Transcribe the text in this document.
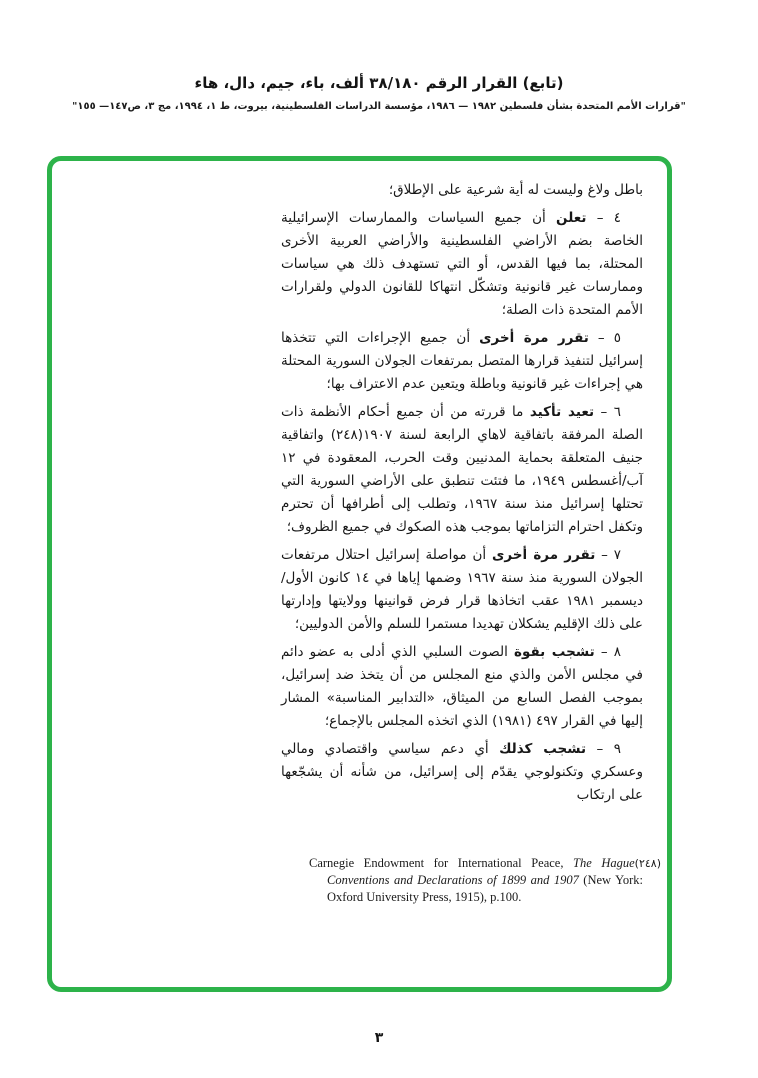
(تابع) القرار الرقم ٣٨/١٨٠ ألف، باء، جيم، دال، هاء
"قرارات الأمم المتحدة بشأن فلسطين ١٩٨٢ — ١٩٨٦، مؤسسة الدراسات الفلسطينية، بيروت، ط ١، ١٩٩٤، مج ٣، ص١٤٧— ١٥٥"

باطل ولاغ وليست له أية شرعية على الإطلاق؛

٤ – تعلن أن جميع السياسات والممارسات الإسرائيلية الخاصة بضم الأراضي الفلسطينية والأراضي العربية الأخرى المحتلة، بما فيها القدس، أو التي تستهدف ذلك هي سياسات وممارسات غير قانونية وتشكّل انتهاكا للقانون الدولي ولقرارات الأمم المتحدة ذات الصلة؛

٥ – تقرر مرة أخرى أن جميع الإجراءات التي تتخذها إسرائيل لتنفيذ قرارها المتصل بمرتفعات الجولان السورية المحتلة هي إجراءات غير قانونية وباطلة ويتعين عدم الاعتراف بها؛

٦ – تعيد تأكيد ما قررته من أن جميع أحكام الأنظمة ذات الصلة المرفقة باتفاقية لاهاي الرابعة لسنة ١٩٠٧(٢٤٨) واتفاقية جنيف المتعلقة بحماية المدنيين وقت الحرب، المعقودة في ١٢ آب/أغسطس ١٩٤٩، ما فتئت تنطبق على الأراضي السورية التي تحتلها إسرائيل منذ سنة ١٩٦٧، وتطلب إلى أطرافها أن تحترم وتكفل احترام التزاماتها بموجب هذه الصكوك في جميع الظروف؛

٧ – تقرر مرة أخرى أن مواصلة إسرائيل احتلال مرتفعات الجولان السورية منذ سنة ١٩٦٧ وضمها إياها في ١٤ كانون الأول/ديسمبر ١٩٨١ عقب اتخاذها قرار فرض قوانينها وولايتها وإدارتها على ذلك الإقليم يشكلان تهديدا مستمرا للسلم والأمن الدوليين؛

٨ – تشجب بقوة الصوت السلبي الذي أدلى به عضو دائم في مجلس الأمن والذي منع المجلس من أن يتخذ ضد إسرائيل، بموجب الفصل السابع من الميثاق، «التدابير المناسبة» المشار إليها في القرار ٤٩٧ (١٩٨١) الذي اتخذه المجلس بالإجماع؛

٩ – تشجب كذلك أي دعم سياسي واقتصادي ومالي وعسكري وتكنولوجي يقدّم إلى إسرائيل، من شأنه أن يشجّعها على ارتكاب

(٢٤٨)
Carnegie Endowment for International Peace, The Hague Conventions and Declarations of 1899 and 1907 (New York: Oxford University Press, 1915), p.100.
٣
